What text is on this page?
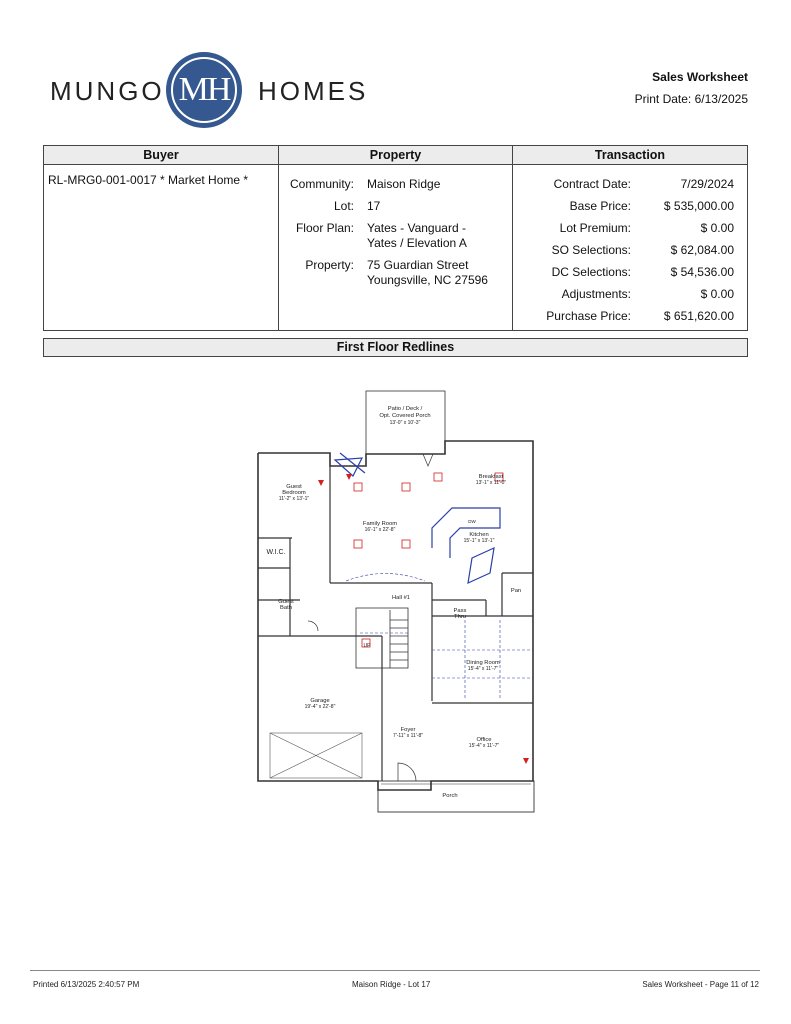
MUNGO MH HOMES	Sales Worksheet
Print Date: 6/13/2025
Buyer	Property	Transaction
RL-MRG0-001-0017 * Market Home *	Community: Maison Ridge
Lot: 17
Floor Plan: Yates - Vanguard -
Yates / Elevation A
Property: 75 Guardian Street
Youngsville, NC 27596
Contract Date:	7/29/2024
Base Price:	$ 535,000.00
Lot Premium:	$ 0.00
SO Selections:	$ 62,084.00
DC Selections:	$ 54,536.00
Adjustments:	$ 0.00
Purchase Price:	$ 651,620.00
First Floor Redlines
Patio / Deck /
Opt. Covered Porch
13'-0" x 10'-3"
Guest
Bedroom
11'-2" x 13'-1"
W.I.C.
Guest
Bath
Family Room
16'-1" x 22'-8"
Breakfast
13'-1" x 11'-0"
Kitchen
15'-1" x 13'-1"
Pan
Hall #1
Pass
Thru
Dining Room
15'-4" x 11'-7"
Garage
19'-4" x 22'-8"
Foyer
7'-11" x 11'-8"
Office
15'-4" x 11'-7"
Porch
UP
DW
Printed 6/13/2025 2:40:57 PM	Maison Ridge - Lot 17	Sales Worksheet - Page 11 of 12
